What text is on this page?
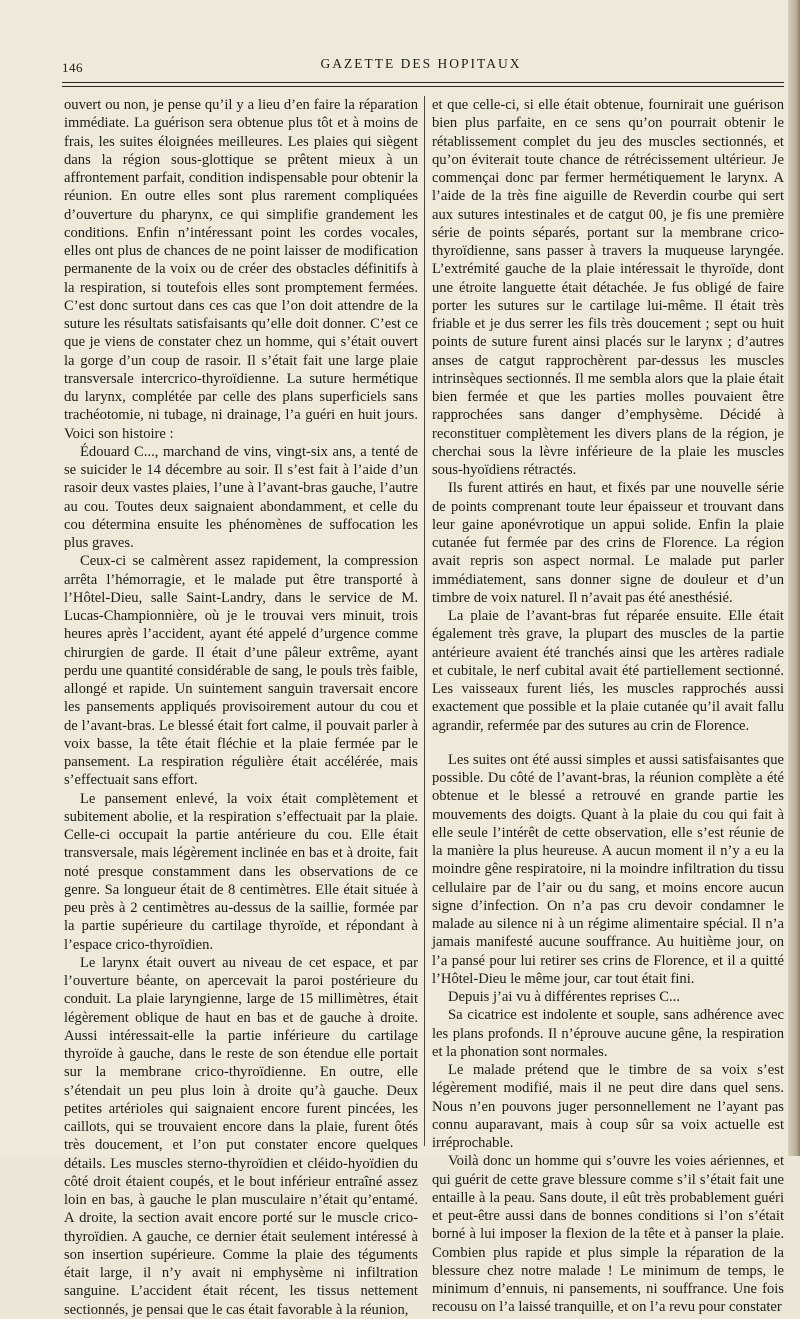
146	GAZETTE DES HOPITAUX

ouvert ou non, je pense qu’il y a lieu d’en faire la réparation immédiate. La guérison sera obtenue plus tôt et à moins de frais, les suites éloignées meilleures. Les plaies qui siègent dans la région sous-glottique se prêtent mieux à un affrontement parfait, condition indispensable pour obtenir la réunion. En outre elles sont plus rarement compliquées d’ouverture du pharynx, ce qui simplifie grandement les conditions. Enfin n’intéressant point les cordes vocales, elles ont plus de chances de ne point laisser de modification permanente de la voix ou de créer des obstacles définitifs à la respiration, si toutefois elles sont promptement fermées. C’est donc surtout dans ces cas que l’on doit attendre de la suture les résultats satisfaisants qu’elle doit donner. C’est ce que je viens de constater chez un homme, qui s’était ouvert la gorge d’un coup de rasoir. Il s’était fait une large plaie transversale intercrico-thyroïdienne. La suture hermétique du larynx, complétée par celle des plans superficiels sans trachéotomie, ni tubage, ni drainage, l’a guéri en huit jours. Voici son histoire :

Édouard C..., marchand de vins, vingt-six ans, a tenté de se suicider le 14 décembre au soir. Il s’est fait à l’aide d’un rasoir deux vastes plaies, l’une à l’avant-bras gauche, l’autre au cou. Toutes deux saignaient abondamment, et celle du cou détermina ensuite les phénomènes de suffocation les plus graves.

Ceux-ci se calmèrent assez rapidement, la compression arrêta l’hémorragie, et le malade put être transporté à l’Hôtel-Dieu, salle Saint-Landry, dans le service de M. Lucas-Championnière, où je le trouvai vers minuit, trois heures après l’accident, ayant été appelé d’urgence comme chirurgien de garde. Il était d’une pâleur extrême, ayant perdu une quantité considérable de sang, le pouls très faible, allongé et rapide. Un suintement sanguin traversait encore les pansements appliqués provisoirement autour du cou et de l’avant-bras. Le blessé était fort calme, il pouvait parler à voix basse, la tête était fléchie et la plaie fermée par le pansement. La respiration régulière était accélérée, mais s’effectuait sans effort.

Le pansement enlevé, la voix était complètement et subitement abolie, et la respiration s’effectuait par la plaie. Celle-ci occupait la partie antérieure du cou. Elle était transversale, mais légèrement inclinée en bas et à droite, fait noté presque constamment dans les observations de ce genre. Sa longueur était de 8 centimètres. Elle était située à peu près à 2 centimètres au-dessus de la saillie, formée par la partie supérieure du cartilage thyroïde, et répondant à l’espace crico-thyroïdien.

Le larynx était ouvert au niveau de cet espace, et par l’ouverture béante, on apercevait la paroi postérieure du conduit. La plaie laryngienne, large de 15 millimètres, était légèrement oblique de haut en bas et de gauche à droite. Aussi intéressait-elle la partie inférieure du cartilage thyroïde à gauche, dans le reste de son étendue elle portait sur la membrane crico-thyroïdienne. En outre, elle s’étendait un peu plus loin à droite qu’à gauche. Deux petites artérioles qui saignaient encore furent pincées, les caillots, qui se trouvaient encore dans la plaie, furent ôtés très doucement, et l’on put constater encore quelques détails. Les muscles sterno-thyroïdien et cléido-hyoïdien du côté droit étaient coupés, et le bout inférieur entraîné assez loin en bas, à gauche le plan musculaire n’était qu’entamé. A droite, la section avait encore porté sur le muscle crico-thyroïdien. A gauche, ce dernier était seulement intéressé à son insertion supérieure. Comme la plaie des téguments était large, il n’y avait ni emphysème ni infiltration sanguine. L’accident était récent, les tissus nettement sectionnés, je pensai que le cas était favorable à la réunion,

et que celle-ci, si elle était obtenue, fournirait une guérison bien plus parfaite, en ce sens qu’on pourrait obtenir le rétablissement complet du jeu des muscles sectionnés, et qu’on éviterait toute chance de rétrécissement ultérieur. Je commençai donc par fermer hermétiquement le larynx. A l’aide de la très fine aiguille de Reverdin courbe qui sert aux sutures intestinales et de catgut 00, je fis une première série de points séparés, portant sur la membrane crico-thyroïdienne, sans passer à travers la muqueuse laryngée. L’extrémité gauche de la plaie intéressait le thyroïde, dont une étroite languette était détachée. Je fus obligé de faire porter les sutures sur le cartilage lui-même. Il était très friable et je dus serrer les fils très doucement ; sept ou huit points de suture furent ainsi placés sur le larynx ; d’autres anses de catgut rapprochèrent par-dessus les muscles intrinsèques sectionnés. Il me sembla alors que la plaie était bien fermée et que les parties molles pouvaient être rapprochées sans danger d’emphysème. Décidé à reconstituer complètement les divers plans de la région, je cherchai sous la lèvre inférieure de la plaie les muscles sous-hyoïdiens rétractés.

Ils furent attirés en haut, et fixés par une nouvelle série de points comprenant toute leur épaisseur et trouvant dans leur gaine aponévrotique un appui solide. Enfin la plaie cutanée fut fermée par des crins de Florence. La région avait repris son aspect normal. Le malade put parler immédiatement, sans donner signe de douleur et d’un timbre de voix naturel. Il n’avait pas été anesthésié.

La plaie de l’avant-bras fut réparée ensuite. Elle était également très grave, la plupart des muscles de la partie antérieure avaient été tranchés ainsi que les artères radiale et cubitale, le nerf cubital avait été partiellement sectionné. Les vaisseaux furent liés, les muscles rapprochés aussi exactement que possible et la plaie cutanée qu’il avait fallu agrandir, refermée par des sutures au crin de Florence.

Les suites ont été aussi simples et aussi satisfaisantes que possible. Du côté de l’avant-bras, la réunion complète a été obtenue et le blessé a retrouvé en grande partie les mouvements des doigts. Quant à la plaie du cou qui fait à elle seule l’intérêt de cette observation, elle s’est réunie de la manière la plus heureuse. A aucun moment il n’y a eu la moindre gêne respiratoire, ni la moindre infiltration du tissu cellulaire par de l’air ou du sang, et moins encore aucun signe d’infection. On n’a pas cru devoir condamner le malade au silence ni à un régime alimentaire spécial. Il n’a jamais manifesté aucune souffrance. Au huitième jour, on l’a pansé pour lui retirer ses crins de Florence, et il a quitté l’Hôtel-Dieu le même jour, car tout était fini.

Depuis j’ai vu à différentes reprises C...

Sa cicatrice est indolente et souple, sans adhérence avec les plans profonds. Il n’éprouve aucune gêne, la respiration et la phonation sont normales.

Le malade prétend que le timbre de sa voix s’est légèrement modifié, mais il ne peut dire dans quel sens. Nous n’en pouvons juger personnellement ne l’ayant pas connu auparavant, mais à coup sûr sa voix actuelle est irréprochable.

Voilà donc un homme qui s’ouvre les voies aériennes, et qui guérit de cette grave blessure comme s’il s’était fait une entaille à la peau. Sans doute, il eût très probablement guéri et peut-être aussi dans de bonnes conditions si l’on s’était borné à lui imposer la flexion de la tête et à panser la plaie. Combien plus rapide et plus simple la réparation de la blessure chez notre malade ! Le minimum de temps, le minimum d’ennuis, ni pansements, ni souffrance. Une fois recousu on l’a laissé tranquille, et on l’a revu pour constater
